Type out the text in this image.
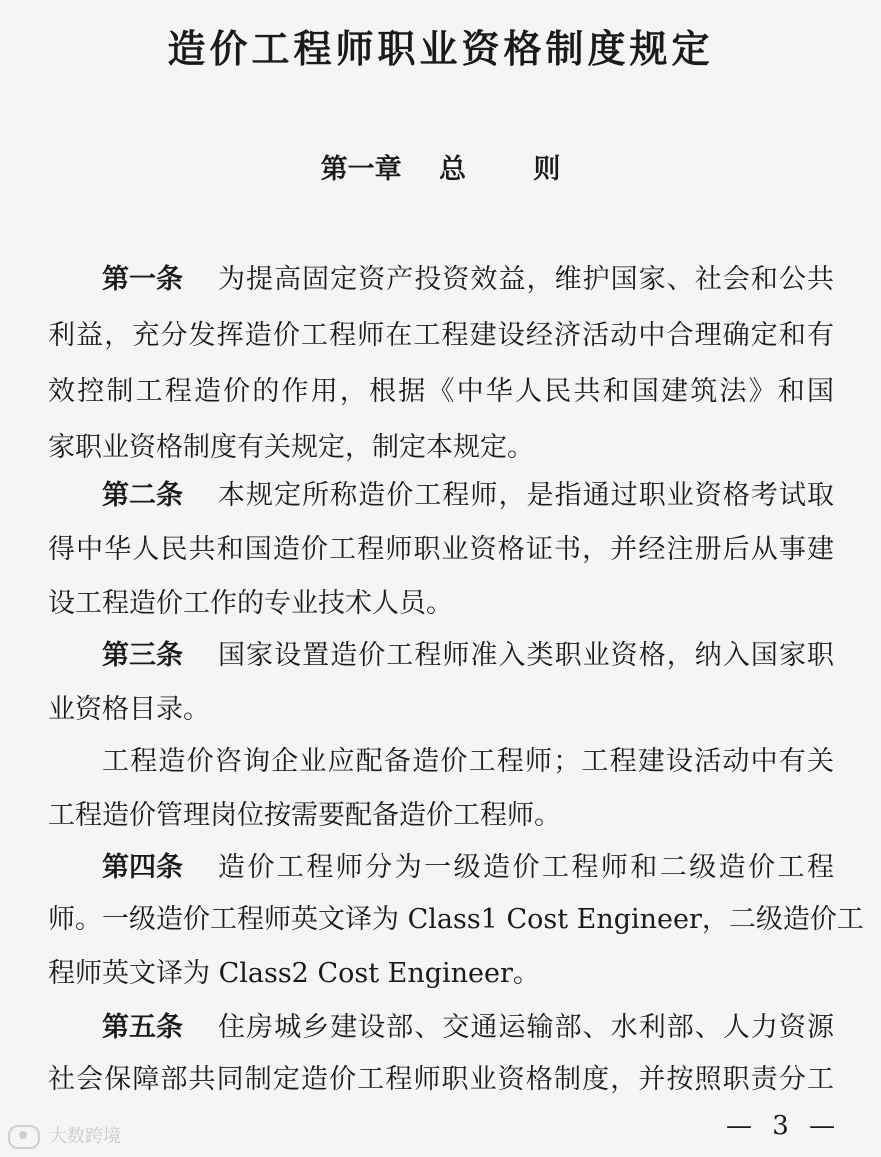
造价工程师职业资格制度规定
第一章 总 则
第一条 为提高固定资产投资效益，维护国家、社会和公共
利益，充分发挥造价工程师在工程建设经济活动中合理确定和有
效控制工程造价的作用，根据《中华人民共和国建筑法》和国
家职业资格制度有关规定，制定本规定。
第二条 本规定所称造价工程师，是指通过职业资格考试取
得中华人民共和国造价工程师职业资格证书，并经注册后从事建
设工程造价工作的专业技术人员。
第三条 国家设置造价工程师准入类职业资格，纳入国家职
业资格目录。
工程造价咨询企业应配备造价工程师；工程建设活动中有关
工程造价管理岗位按需要配备造价工程师。
第四条 造价工程师分为一级造价工程师和二级造价工程
师。一级造价工程师英文译为 Class1 Cost Engineer，二级造价工
程师英文译为 Class2 Cost Engineer。
第五条 住房城乡建设部、交通运输部、水利部、人力资源
社会保障部共同制定造价工程师职业资格制度，并按照职责分工
— 3 —
大数跨境
